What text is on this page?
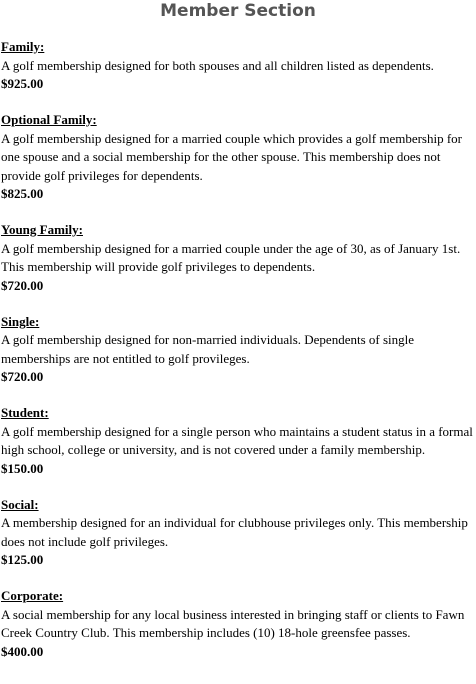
Member Section
Family:
A golf membership designed for both spouses and all children listed as dependents.
$925.00
Optional Family:
A golf membership designed for a married couple which provides a golf membership for one spouse and a social membership for the other spouse. This membership does not provide golf privileges for dependents.
$825.00
Young Family:
A golf membership designed for a married couple under the age of 30, as of January 1st. This membership will provide golf privileges to dependents.
$720.00
Single:
A golf membership designed for non-married individuals. Dependents of single memberships are not entitled to golf provileges.
$720.00
Student:
A golf membership designed for a single person who maintains a student status in a formal high school, college or university, and is not covered under a family membership.
$150.00
Social:
A membership designed for an individual for clubhouse privileges only. This membership does not include golf privileges.
$125.00
Corporate:
A social membership for any local business interested in bringing staff or clients to Fawn Creek Country Club. This membership includes (10) 18-hole greensfee passes.
$400.00
